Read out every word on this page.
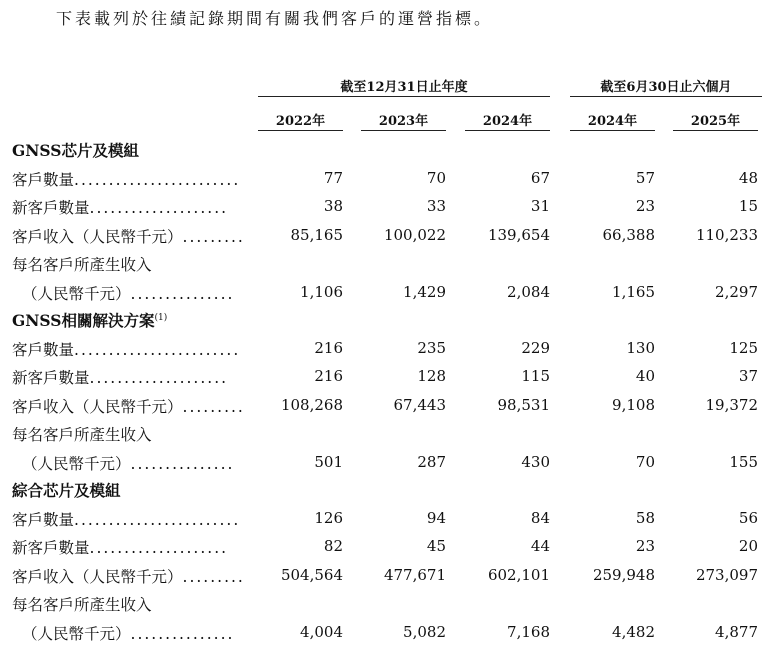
下表載列於往績記錄期間有關我們客戶的運營指標。
截至12月31日止年度	截至6月30日止六個月
2022年	2023年	2024年	2024年	2025年
GNSS芯片及模組
客戶數量........................	77	70	67	57	48
新客戶數量....................	38	33	31	23	15
客戶收入（人民幣千元）.........	85,165	100,022	139,654	66,388	110,233
每名客戶所產生收入
（人民幣千元）...............	1,106	1,429	2,084	1,165	2,297
GNSS相關解決方案$^{(1)}$
客戶數量........................	216	235	229	130	125
新客戶數量....................	216	128	115	40	37
客戶收入（人民幣千元）......... 108,268	67,443	98,531	9,108	19,372
每名客戶所產生收入
（人民幣千元）...............	501	287	430	70	155
綜合芯片及模組
客戶數量........................	126	94	84	58	56
新客戶數量....................	82	45	44	23	20
客戶收入（人民幣千元）......... 504,564	477,671	602,101	259,948	273,097
每名客戶所產生收入
（人民幣千元）...............	4,004	5,082	7,168	4,482	4,877
